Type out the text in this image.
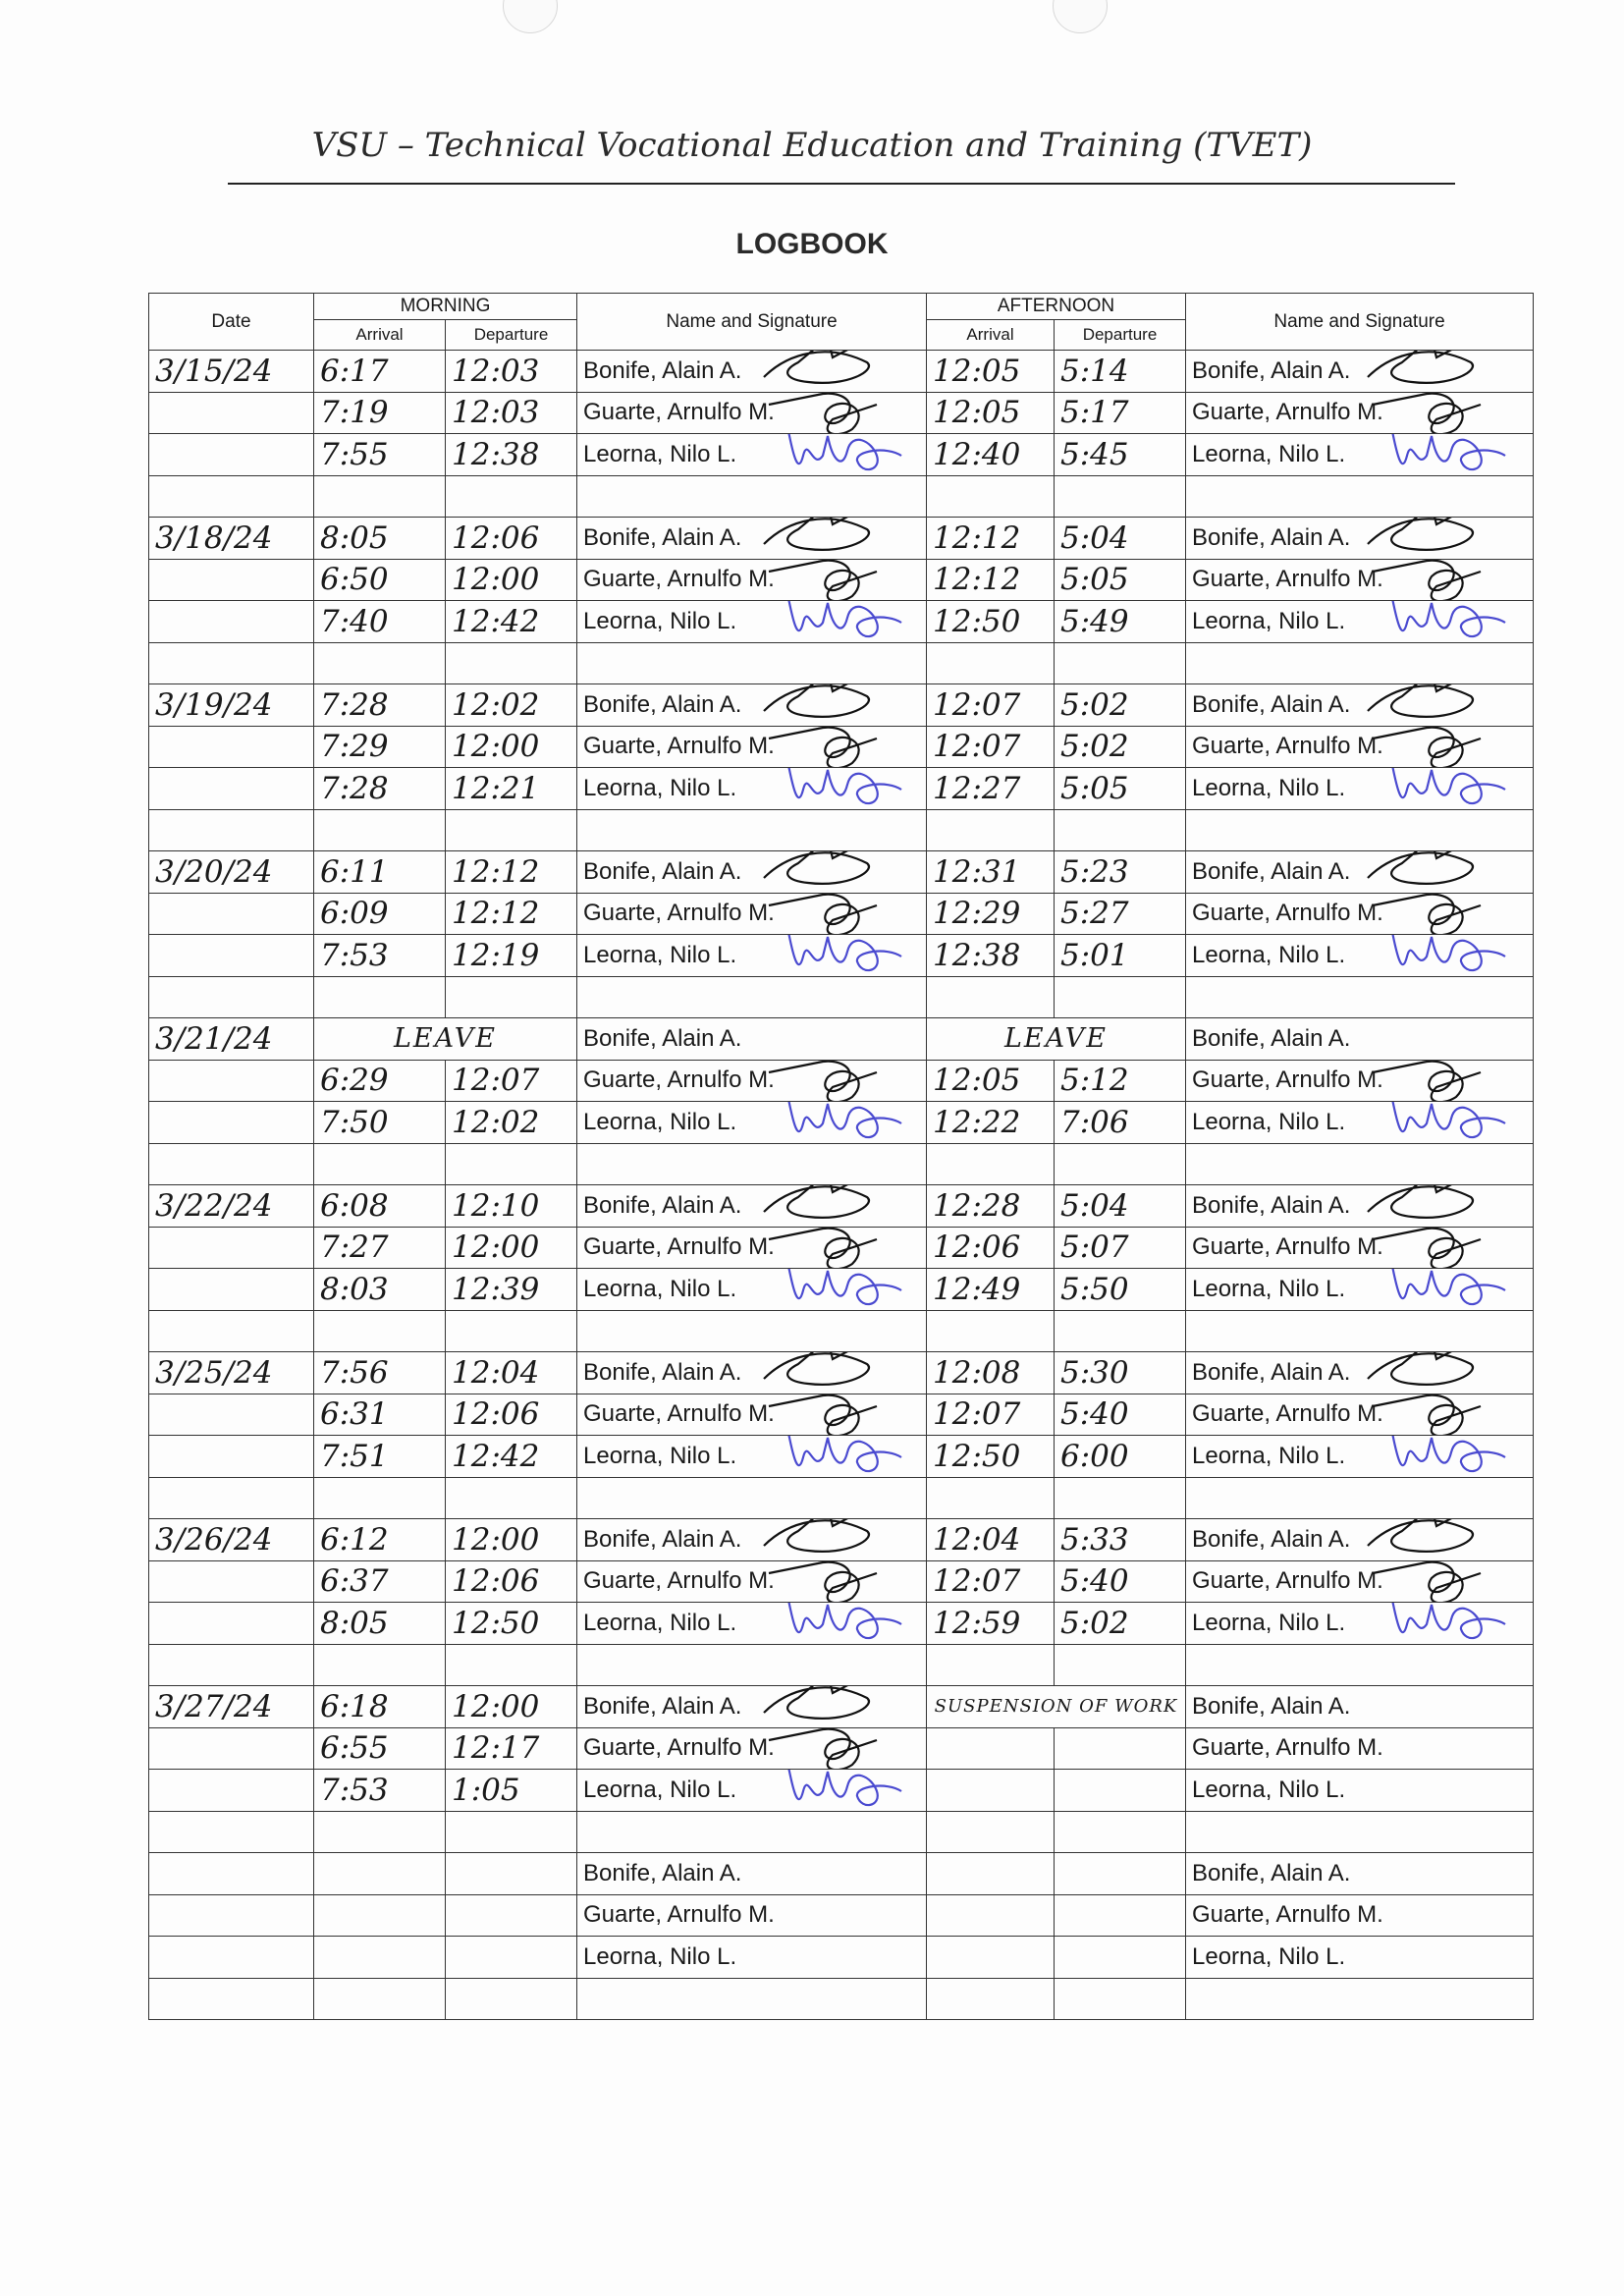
VSU – Technical Vocational Education and Training (TVET)
LOGBOOK
Date	MORNING		Name and Signature	AFTERNOON		Name and Signature
	Arrival	Departure		Arrival	Departure	
3/15/24	6:17	12:03	Bonife, Alain A.	12:05	5:14	Bonife, Alain A.

	7:19	12:03	Guarte, Arnulfo M.	12:05	5:17	Guarte, Arnulfo M.

	7:55	12:38	Leorna, Nilo L.	12:40	5:45	Leorna, Nilo L.

3/18/24	8:05	12:06	Bonife, Alain A.	12:12	5:04	Bonife, Alain A.

	6:50	12:00	Guarte, Arnulfo M.	12:12	5:05	Guarte, Arnulfo M.

	7:40	12:42	Leorna, Nilo L.	12:50	5:49	Leorna, Nilo L.

3/19/24	7:28	12:02	Bonife, Alain A.	12:07	5:02	Bonife, Alain A.

	7:29	12:00	Guarte, Arnulfo M.	12:07	5:02	Guarte, Arnulfo M.

	7:28	12:21	Leorna, Nilo L.	12:27	5:05	Leorna, Nilo L.

3/20/24	6:11	12:12	Bonife, Alain A.	12:31	5:23	Bonife, Alain A.

	6:09	12:12	Guarte, Arnulfo M.	12:29	5:27	Guarte, Arnulfo M.

	7:53	12:19	Leorna, Nilo L.	12:38	5:01	Leorna, Nilo L.

3/21/24	LEAVE		Bonife, Alain A.	LEAVE		Bonife, Alain A.
	6:29	12:07	Guarte, Arnulfo M.	12:05	5:12	Guarte, Arnulfo M.

	7:50	12:02	Leorna, Nilo L.	12:22	7:06	Leorna, Nilo L.

3/22/24	6:08	12:10	Bonife, Alain A.	12:28	5:04	Bonife, Alain A.

	7:27	12:00	Guarte, Arnulfo M.	12:06	5:07	Guarte, Arnulfo M.

	8:03	12:39	Leorna, Nilo L.	12:49	5:50	Leorna, Nilo L.

3/25/24	7:56	12:04	Bonife, Alain A.	12:08	5:30	Bonife, Alain A.

	6:31	12:06	Guarte, Arnulfo M.	12:07	5:40	Guarte, Arnulfo M.

	7:51	12:42	Leorna, Nilo L.	12:50	6:00	Leorna, Nilo L.

3/26/24	6:12	12:00	Bonife, Alain A.	12:04	5:33	Bonife, Alain A.

	6:37	12:06	Guarte, Arnulfo M.	12:07	5:40	Guarte, Arnulfo M.

	8:05	12:50	Leorna, Nilo L.	12:59	5:02	Leorna, Nilo L.

3/27/24	6:18	12:00	Bonife, Alain A.	SUSPENSION OF WORK		Bonife, Alain A.
	6:55	12:17	Guarte, Arnulfo M.			Guarte, Arnulfo M.
	7:53	1:05	Leorna, Nilo L.			Leorna, Nilo L.

			Bonife, Alain A.			Bonife, Alain A.
			Guarte, Arnulfo M.			Guarte, Arnulfo M.
			Leorna, Nilo L.			Leorna, Nilo L.
